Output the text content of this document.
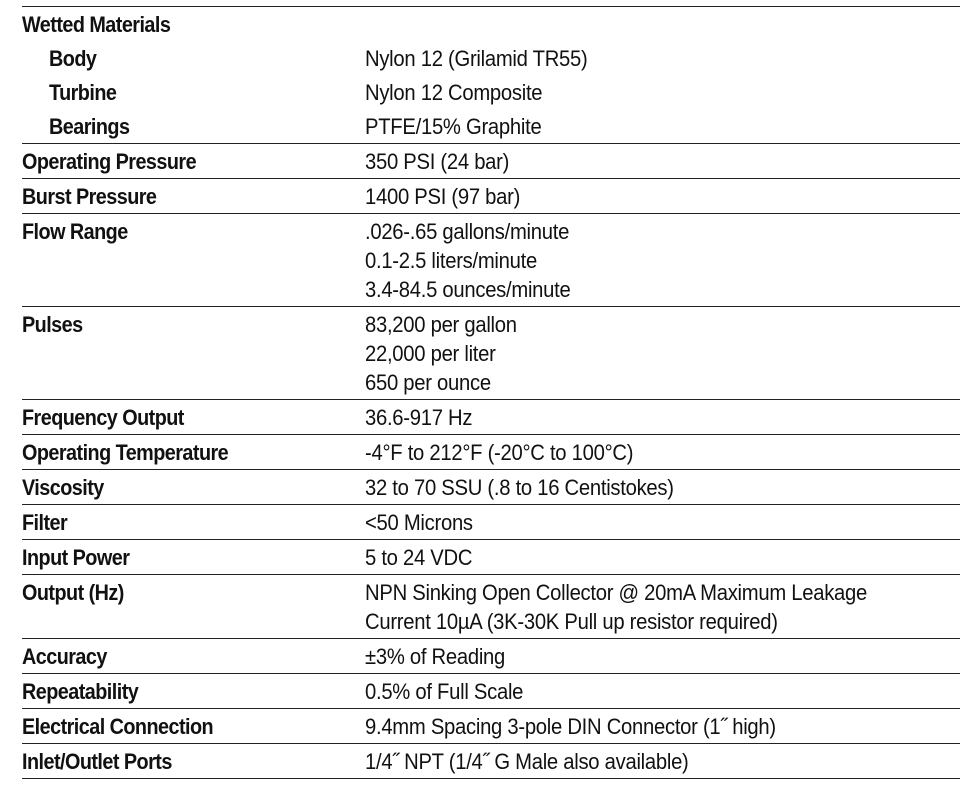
Wetted Materials
Body	Nylon 12 (Grilamid TR55)
Turbine	Nylon 12 Composite
Bearings	PTFE/15% Graphite
Operating Pressure	350 PSI (24 bar)
Burst Pressure	1400 PSI (97 bar)
Flow Range	.026-.65 gallons/minute
0.1-2.5 liters/minute
3.4-84.5 ounces/minute
Pulses	83,200 per gallon
22,000 per liter
650 per ounce
Frequency Output	36.6-917 Hz
Operating Temperature	-4°F to 212°F (-20°C to 100°C)
Viscosity	32 to 70 SSU (.8 to 16 Centistokes)
Filter	<50 Microns
Input Power	5 to 24 VDC
Output (Hz)	NPN Sinking Open Collector @ 20mA Maximum Leakage
Current 10µA (3K-30K Pull up resistor required)
Accuracy	±3% of Reading
Repeatability	0.5% of Full Scale
Electrical Connection	9.4mm Spacing 3-pole DIN Connector (1˝ high)
Inlet/Outlet Ports	1/4˝ NPT (1/4˝ G Male also available)
